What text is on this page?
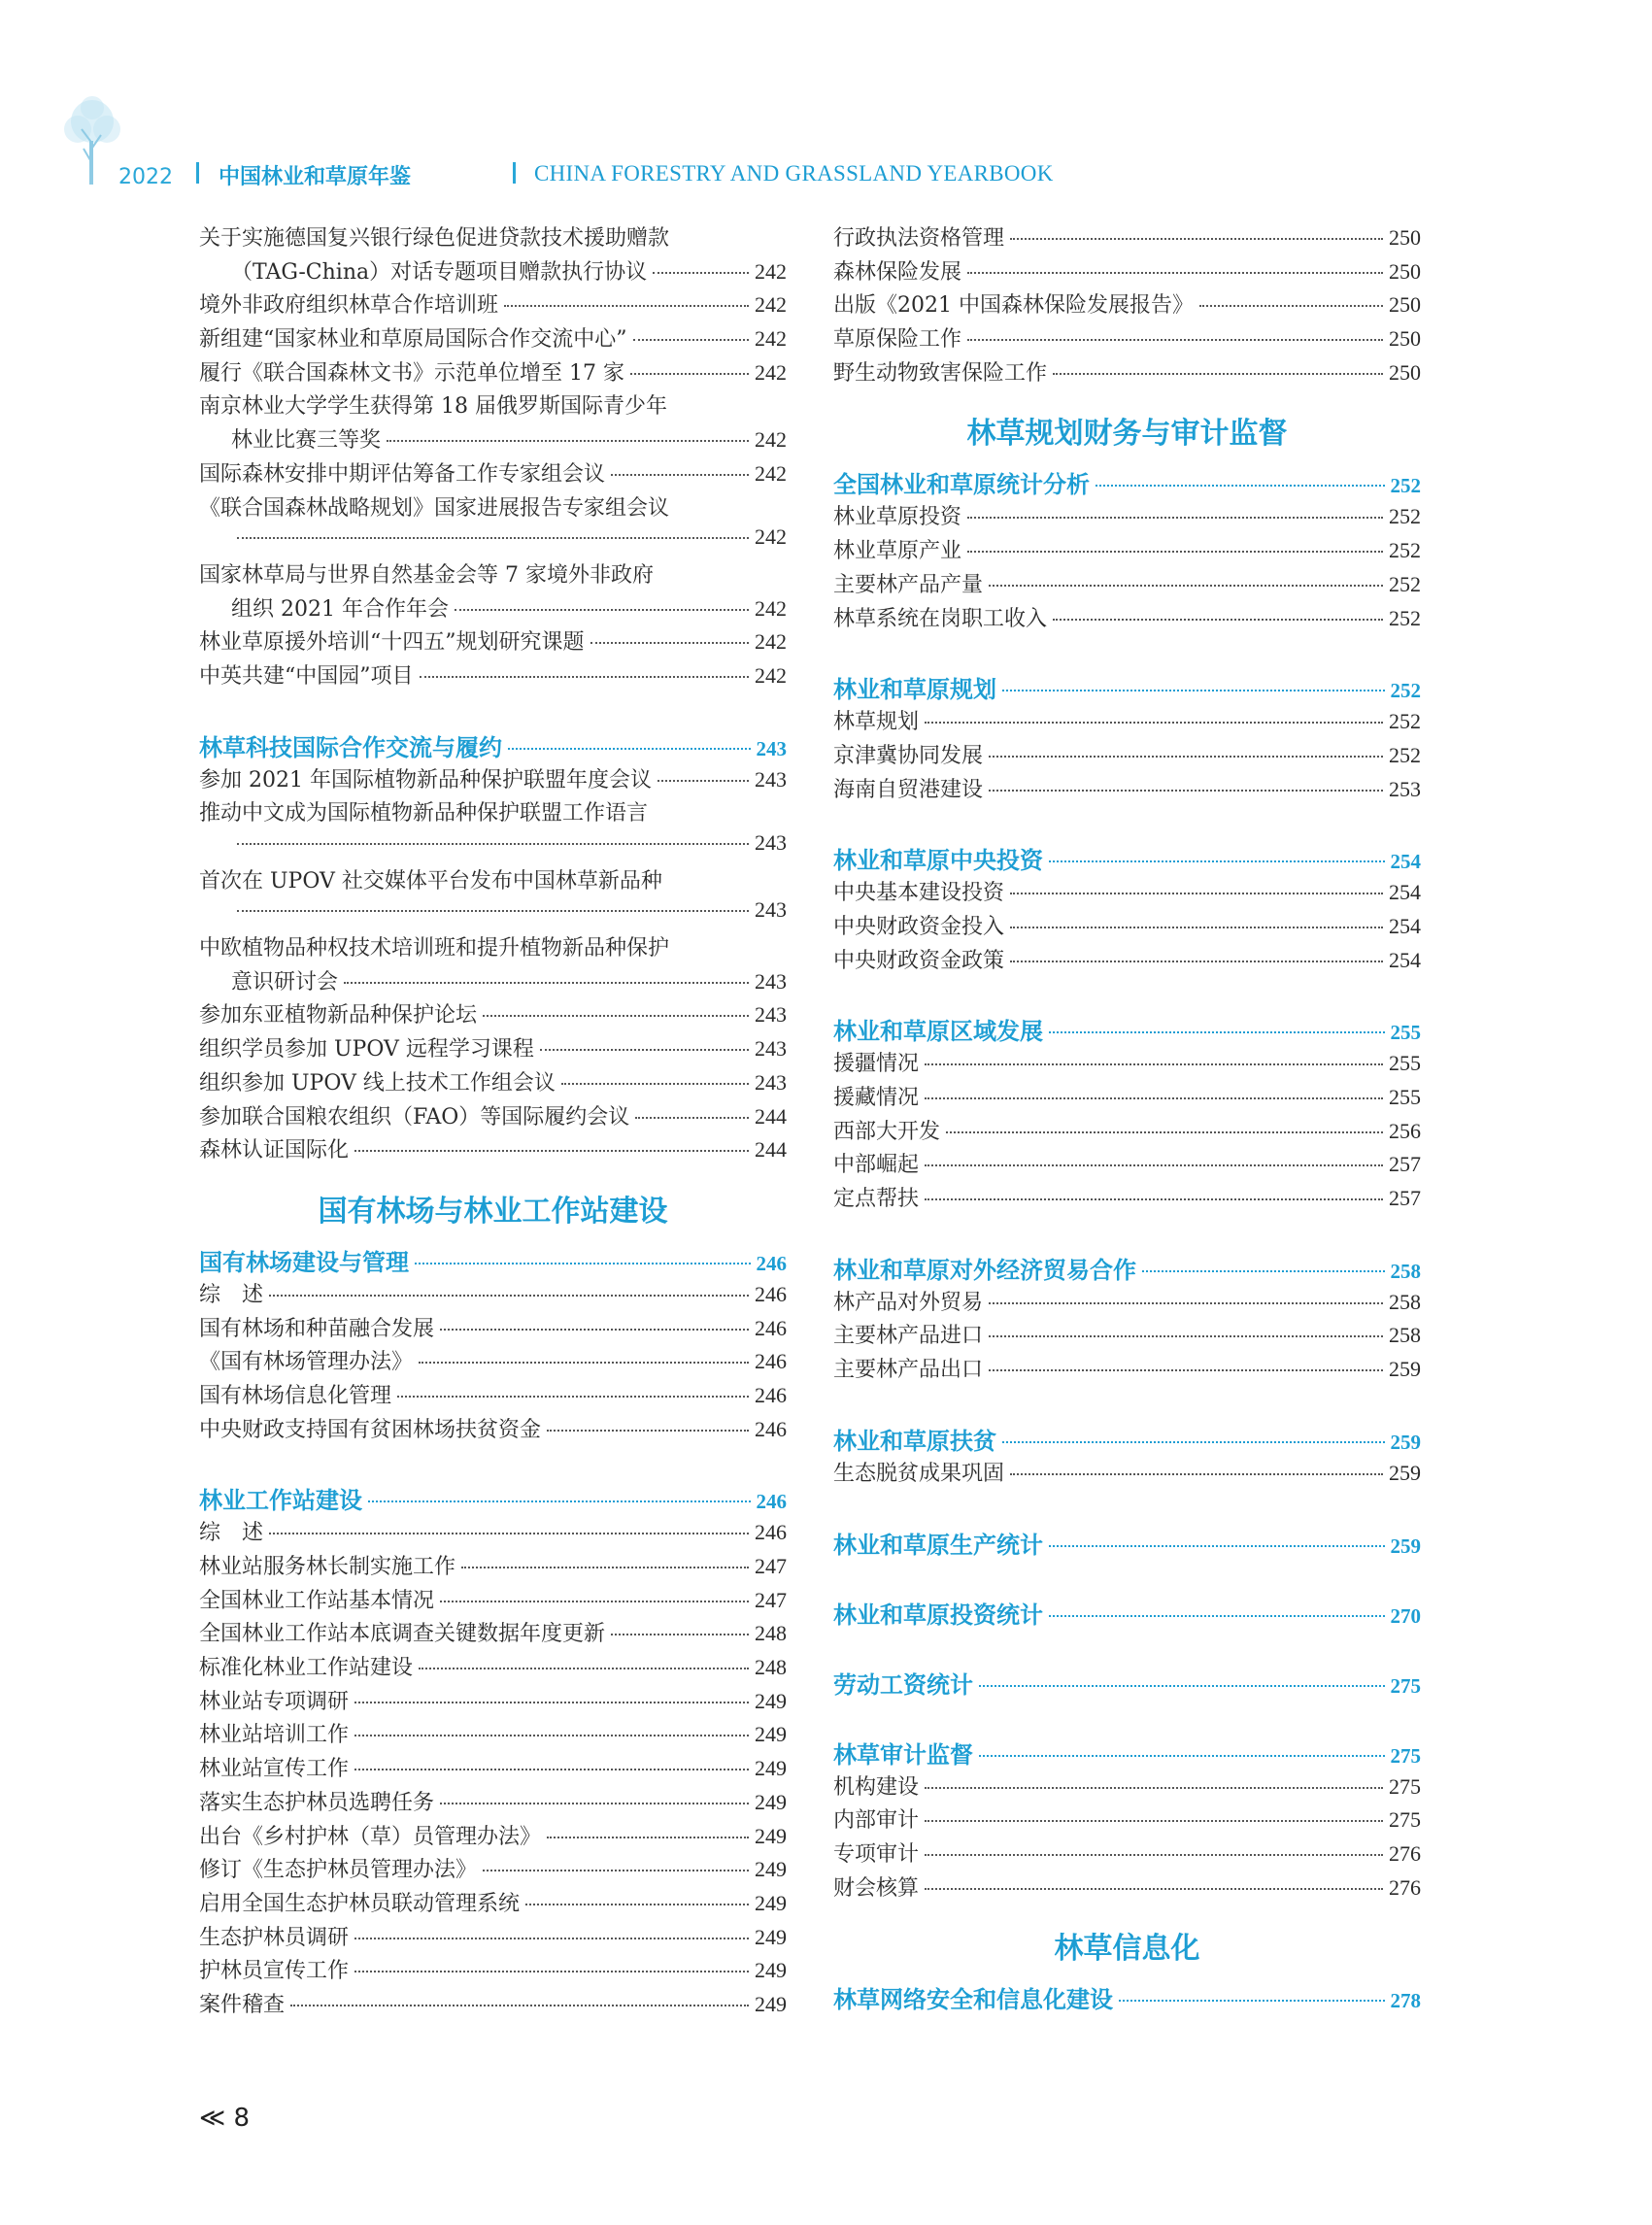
2022 中国林业和草原年鉴	CHINA FORESTRY AND GRASSLAND YEARBOOK
关于实施德国复兴银行绿色促进贷款技术援助赠款
（TAG-China）对话专题项目赠款执行协议	242
境外非政府组织林草合作培训班	242
新组建“国家林业和草原局国际合作交流中心”	242
履行《联合国森林文书》示范单位增至 17 家	242
南京林业大学学生获得第 18 届俄罗斯国际青少年
林业比赛三等奖	242
国际森林安排中期评估筹备工作专家组会议	242
《联合国森林战略规划》国家进展报告专家组会议
242
国家林草局与世界自然基金会等 7 家境外非政府
组织 2021 年合作年会	242
林业草原援外培训“十四五”规划研究课题	242
中英共建“中国园”项目	242
林草科技国际合作交流与履约	243
参加 2021 年国际植物新品种保护联盟年度会议	243
推动中文成为国际植物新品种保护联盟工作语言
243
首次在 UPOV 社交媒体平台发布中国林草新品种
243
中欧植物品种权技术培训班和提升植物新品种保护
意识研讨会	243
参加东亚植物新品种保护论坛	243
组织学员参加 UPOV 远程学习课程	243
组织参加 UPOV 线上技术工作组会议	243
参加联合国粮农组织（FAO）等国际履约会议	244
森林认证国际化	244
国有林场与林业工作站建设
国有林场建设与管理	246
综　述	246
国有林场和种苗融合发展	246
《国有林场管理办法》	246
国有林场信息化管理	246
中央财政支持国有贫困林场扶贫资金	246
林业工作站建设	246
综　述	246
林业站服务林长制实施工作	247
全国林业工作站基本情况	247
全国林业工作站本底调查关键数据年度更新	248
标准化林业工作站建设	248
林业站专项调研	249
林业站培训工作	249
林业站宣传工作	249
落实生态护林员选聘任务	249
出台《乡村护林（草）员管理办法》	249
修订《生态护林员管理办法》	249
启用全国生态护林员联动管理系统	249
生态护林员调研	249
护林员宣传工作	249
案件稽查	249
行政执法资格管理	250
森林保险发展	250
出版《2021 中国森林保险发展报告》	250
草原保险工作	250
野生动物致害保险工作	250
林草规划财务与审计监督
全国林业和草原统计分析	252
林业草原投资	252
林业草原产业	252
主要林产品产量	252
林草系统在岗职工收入	252
林业和草原规划	252
林草规划	252
京津冀协同发展	252
海南自贸港建设	253
林业和草原中央投资	254
中央基本建设投资	254
中央财政资金投入	254
中央财政资金政策	254
林业和草原区域发展	255
援疆情况	255
援藏情况	255
西部大开发	256
中部崛起	257
定点帮扶	257
林业和草原对外经济贸易合作	258
林产品对外贸易	258
主要林产品进口	258
主要林产品出口	259
林业和草原扶贫	259
生态脱贫成果巩固	259
林业和草原生产统计	259
林业和草原投资统计	270
劳动工资统计	275
林草审计监督	275
机构建设	275
内部审计	275
专项审计	276
财会核算	276
林草信息化
林草网络安全和信息化建设	278
≪ 8
